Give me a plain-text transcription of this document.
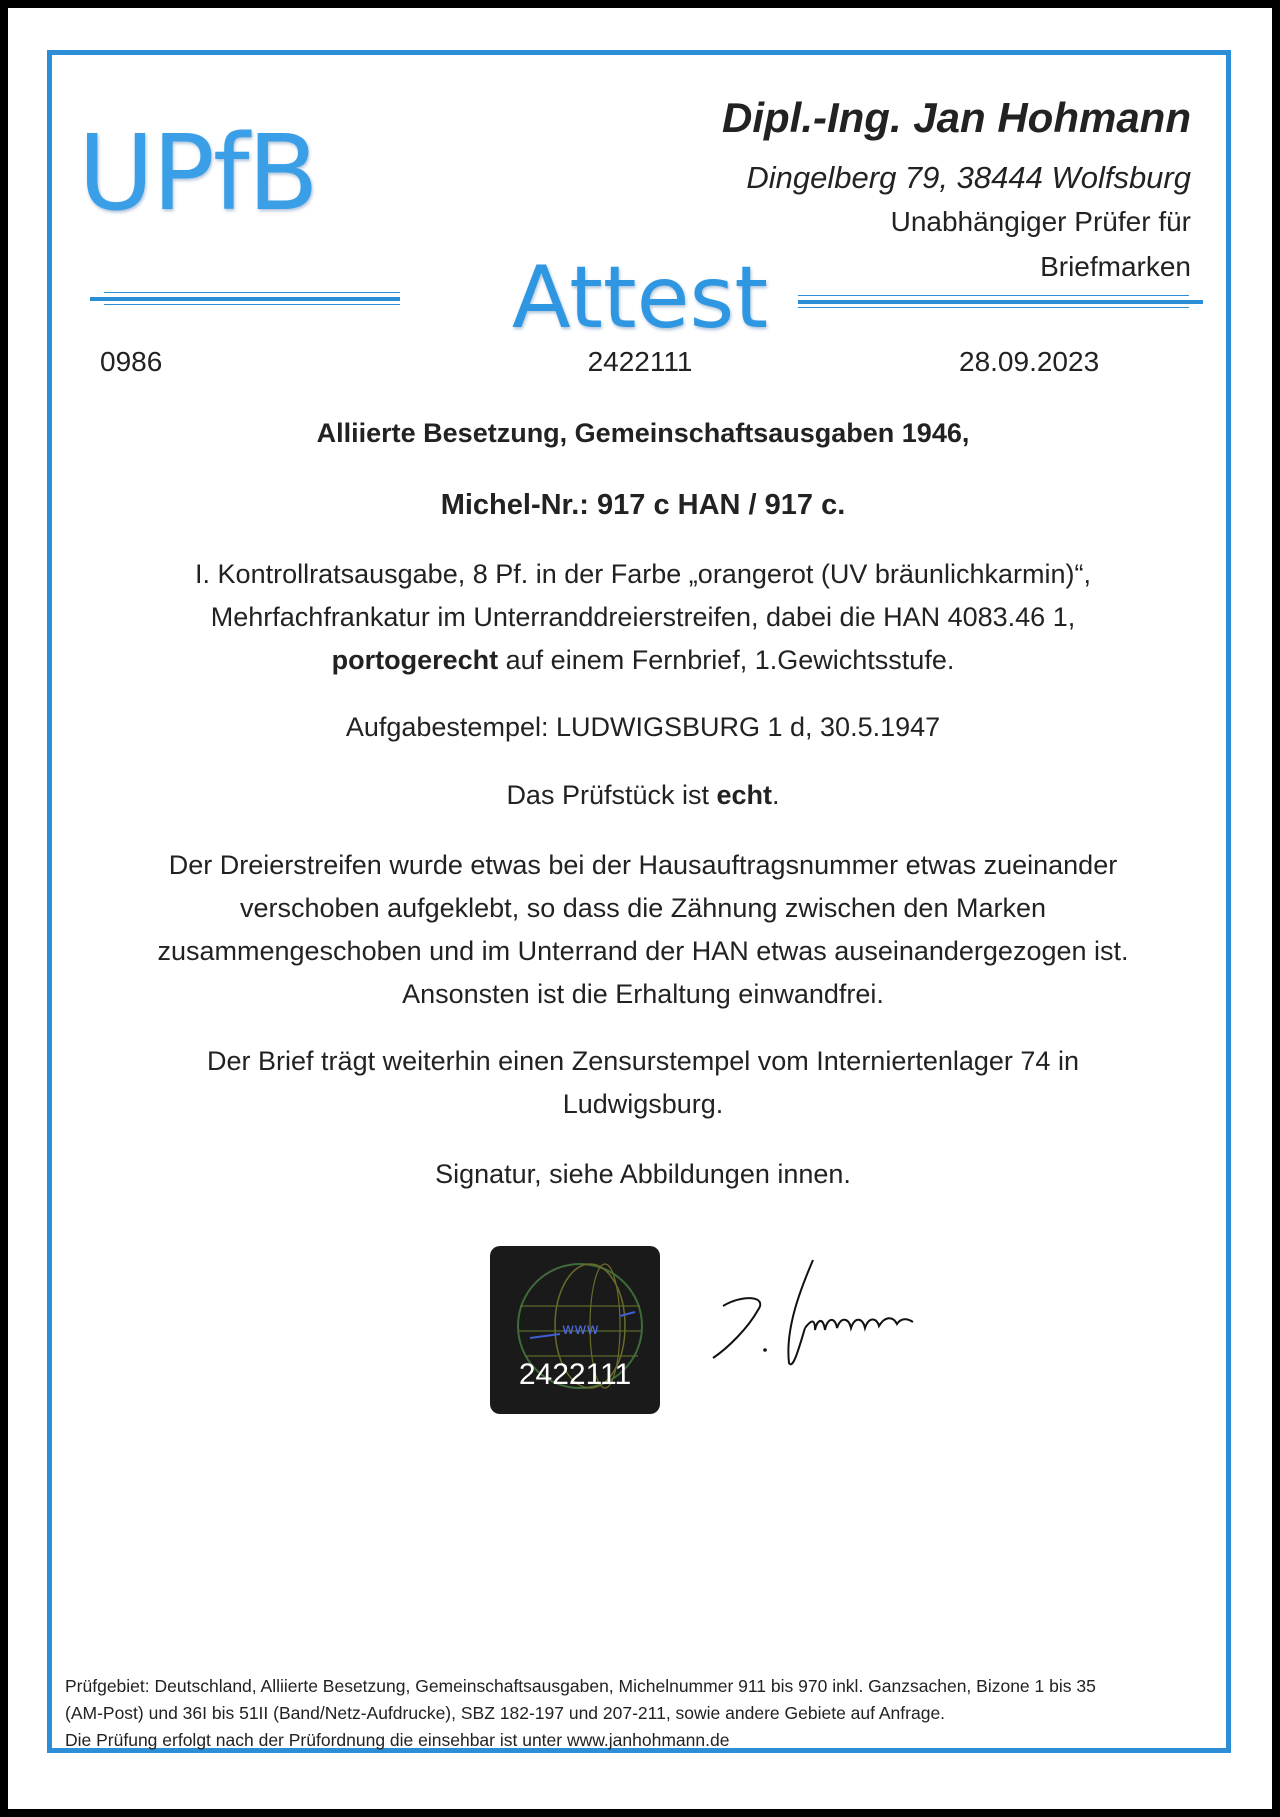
UPfB
Attest
Dipl.-Ing. Jan Hohmann
Dingelberg 79, 38444 Wolfsburg
Unabhängiger Prüfer für
Briefmarken
0986	2422111	28.09.2023
Alliierte Besetzung, Gemeinschaftsausgaben 1946,
Michel-Nr.: 917 c HAN / 917 c.
I. Kontrollratsausgabe, 8 Pf. in der Farbe „orangerot (UV bräunlichkarmin)“,
Mehrfachfrankatur im Unterranddreierstreifen, dabei die HAN 4083.46 1,
portogerecht auf einem Fernbrief, 1.Gewichtsstufe.
Aufgabestempel: LUDWIGSBURG 1 d, 30.5.1947
Das Prüfstück ist echt.
Der Dreierstreifen wurde etwas bei der Hausauftragsnummer etwas zueinander
verschoben aufgeklebt, so dass die Zähnung zwischen den Marken
zusammengeschoben und im Unterrand der HAN etwas auseinandergezogen ist.
Ansonsten ist die Erhaltung einwandfrei.
Der Brief trägt weiterhin einen Zensurstempel vom Interniertenlager 74 in
Ludwigsburg.
Signatur, siehe Abbildungen innen.
www
2422111
Prüfgebiet: Deutschland, Alliierte Besetzung, Gemeinschaftsausgaben, Michelnummer 911 bis 970 inkl. Ganzsachen, Bizone 1 bis 35
(AM-Post) und 36I bis 51II (Band/Netz-Aufdrucke), SBZ 182-197 und 207-211, sowie andere Gebiete auf Anfrage.
Die Prüfung erfolgt nach der Prüfordnung die einsehbar ist unter www.janhohmann.de
